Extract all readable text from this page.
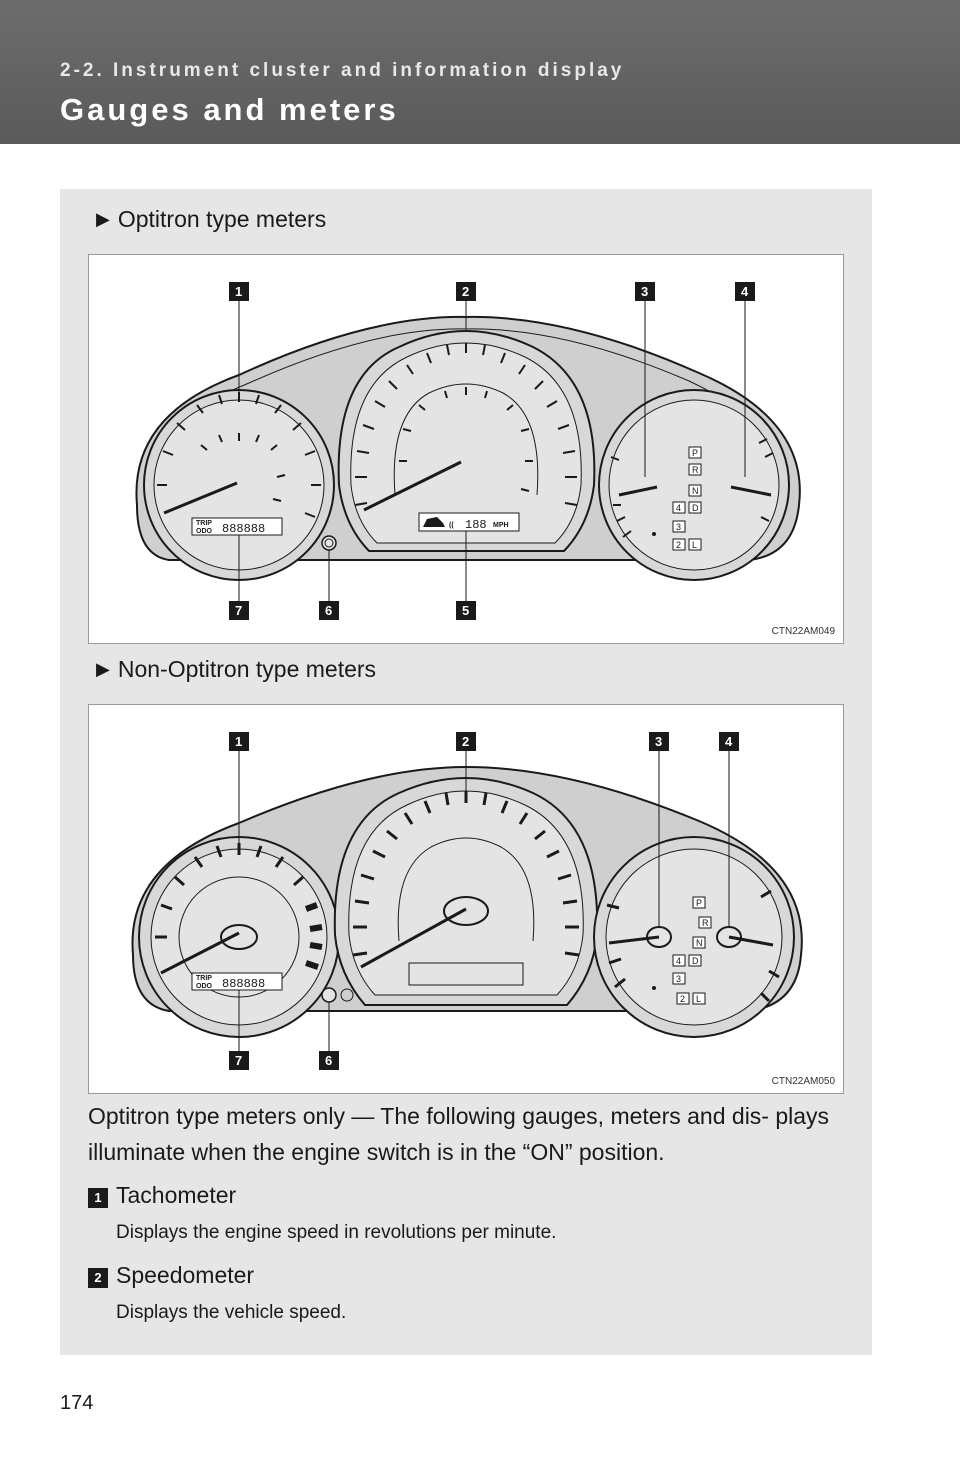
2-2. Instrument cluster and information display
Gauges and meters
▶ Optitron type meters
TRIP
ODO 888888	(( 188 MPH
P
R
N
D
4
3
2 L
1	2	3	4
5
6
7
CTN22AM049
▶ Non-Optitron type meters
TRIP
ODO 888888
P
R
N
D
4
3
2 L
1	2	3	4
6
7
CTN22AM050
Optitron type meters only — The following gauges, meters and dis- plays illuminate when the engine switch is in the “ON” position.
1 Tachometer
Displays the engine speed in revolutions per minute.
2 Speedometer
Displays the vehicle speed.
174
